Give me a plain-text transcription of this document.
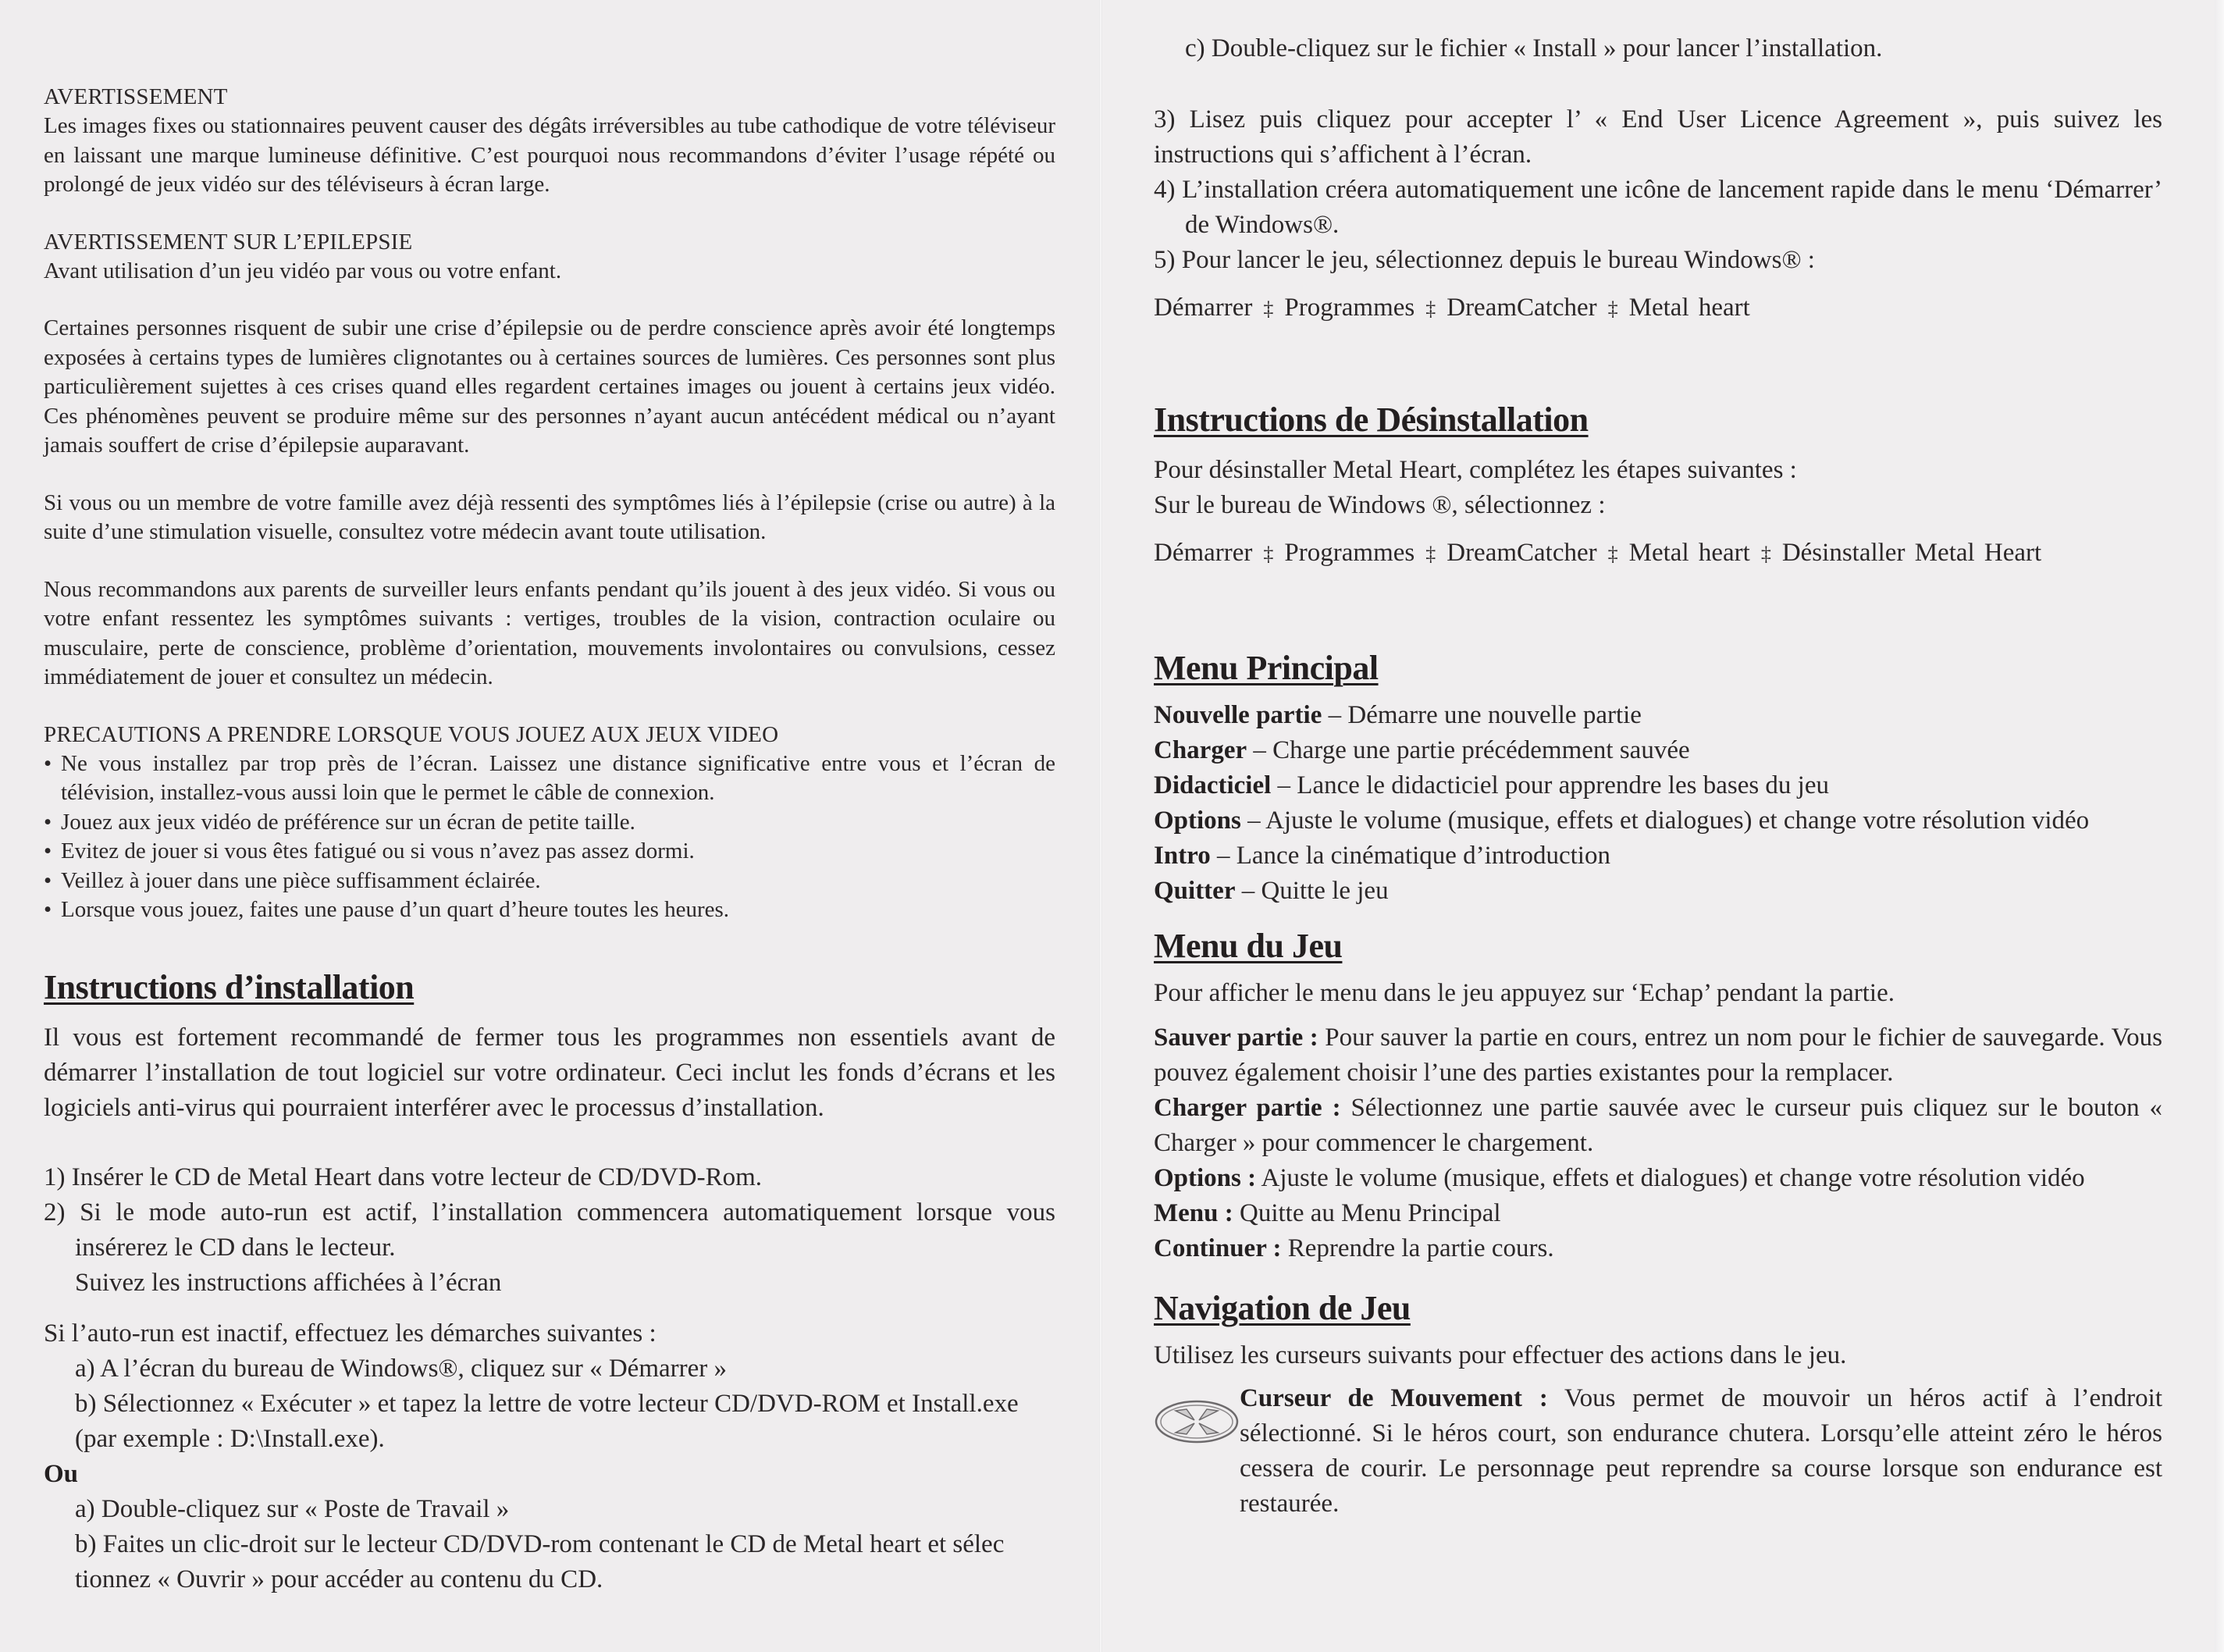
AVERTISSEMENT

Les images fixes ou stationnaires peuvent causer des dégâts irréversibles au tube cathodique de votre téléviseur en laissant une marque lumineuse définitive. C’est pourquoi nous recommandons d’éviter l’usage répété ou prolongé de jeux vidéo sur des téléviseurs à écran large.

AVERTISSEMENT SUR L’EPILEPSIE

Avant utilisation d’un jeu vidéo par vous ou votre enfant.

Certaines personnes risquent de subir une crise d’épilepsie ou de perdre conscience après avoir été longtemps exposées à certains types de lumières clignotantes ou à certaines sources de lumières. Ces personnes sont plus particulièrement sujettes à ces crises quand elles regardent certaines images ou jouent à certains jeux vidéo. Ces phénomènes peuvent se produire même sur des personnes n’ayant aucun antécédent médical ou n’ayant jamais souffert de crise d’épilepsie auparavant.

Si vous ou un membre de votre famille avez déjà ressenti des symptômes liés à l’épilepsie (crise ou autre) à la suite d’une stimulation visuelle, consultez votre médecin avant toute utilisation.

Nous recommandons aux parents de surveiller leurs enfants pendant qu’ils jouent à des jeux vidéo. Si vous ou votre enfant ressentez les symptômes suivants : vertiges, troubles de la vision, contraction oculaire ou musculaire, perte de conscience, problème d’orientation, mouvements involontaires ou convulsions, cessez immédiatement de jouer et consultez un médecin.

PRECAUTIONS A PRENDRE LORSQUE VOUS JOUEZ AUX JEUX VIDEO
• Ne vous installez par trop près de l’écran. Laissez une distance significative entre vous et l’écran de télévision, installez-vous aussi loin que le permet le câble de connexion.
• Jouez aux jeux vidéo de préférence sur un écran de petite taille.
• Evitez de jouer si vous êtes fatigué ou si vous n’avez pas assez dormi.
• Veillez à jouer dans une pièce suffisamment éclairée.
• Lorsque vous jouez, faites une pause d’un quart d’heure toutes les heures.
Instructions d’installation

Il vous est fortement recommandé de fermer tous les programmes non essentiels avant de démarrer l’installation de tout logiciel sur votre ordinateur. Ceci inclut les fonds d’écrans et les logiciels anti-virus qui pourraient interférer avec le processus d’installation.

1) Insérer le CD de Metal Heart dans votre lecteur de CD/DVD-Rom.

2) Si le mode auto-run est actif, l’installation commencera automatiquement lorsque vous insérerez le CD dans le lecteur.

Suivez les instructions affichées à l’écran

Si l’auto-run est inactif, effectuez les démarches suivantes :

a) A l’écran du bureau de Windows®, cliquez sur « Démarrer »

b) Sélectionnez « Exécuter » et tapez la lettre de votre lecteur CD/DVD-ROM et Install.exe (par exemple : D:\Install.exe).

Ou

a) Double-cliquez sur « Poste de Travail »

b) Faites un clic-droit sur le lecteur CD/DVD-rom contenant le CD de Metal heart et sélec tionnez « Ouvrir » pour accéder au contenu du CD.

c) Double-cliquez sur le fichier « Install » pour lancer l’installation.

3) Lisez puis cliquez pour accepter l’ « End User Licence Agreement », puis suivez les instructions qui s’affichent à l’écran.

4) L’installation créera automatiquement une icône de lancement rapide dans le menu ‘Démarrer’ de Windows®.

5) Pour lancer le jeu, sélectionnez depuis le bureau Windows® :

Démarrer ‡ Programmes ‡ DreamCatcher ‡ Metal heart

Instructions de Désinstallation

Pour désinstaller Metal Heart, complétez les étapes suivantes :

Sur le bureau de Windows ®, sélectionnez :

Démarrer ‡ Programmes ‡ DreamCatcher ‡ Metal heart ‡ Désinstaller Metal Heart

Menu Principal

Nouvelle partie – Démarre une nouvelle partie

Charger – Charge une partie précédemment sauvée

Didacticiel – Lance le didacticiel pour apprendre les bases du jeu

Options – Ajuste le volume (musique, effets et dialogues) et change votre résolution vidéo

Intro – Lance la cinématique d’introduction

Quitter – Quitte le jeu

Menu du Jeu

Pour afficher le menu dans le jeu appuyez sur ‘Echap’ pendant la partie.

Sauver partie : Pour sauver la partie en cours, entrez un nom pour le fichier de sauvegarde. Vous pouvez également choisir l’une des parties existantes pour la remplacer.

Charger partie : Sélectionnez une partie sauvée avec le curseur puis cliquez sur le bouton « Charger » pour commencer le chargement.

Options : Ajuste le volume (musique, effets et dialogues) et change votre résolution vidéo

Menu : Quitte au Menu Principal

Continuer : Reprendre la partie cours.

Navigation de Jeu

Utilisez les curseurs suivants pour effectuer des actions dans le jeu.

Curseur de Mouvement : Vous permet de mouvoir un héros actif à l’endroit sélectionné. Si le héros court, son endurance chutera. Lorsqu’elle atteint zéro le héros cessera de courir. Le personnage peut reprendre sa course lorsque son endurance est restaurée.
